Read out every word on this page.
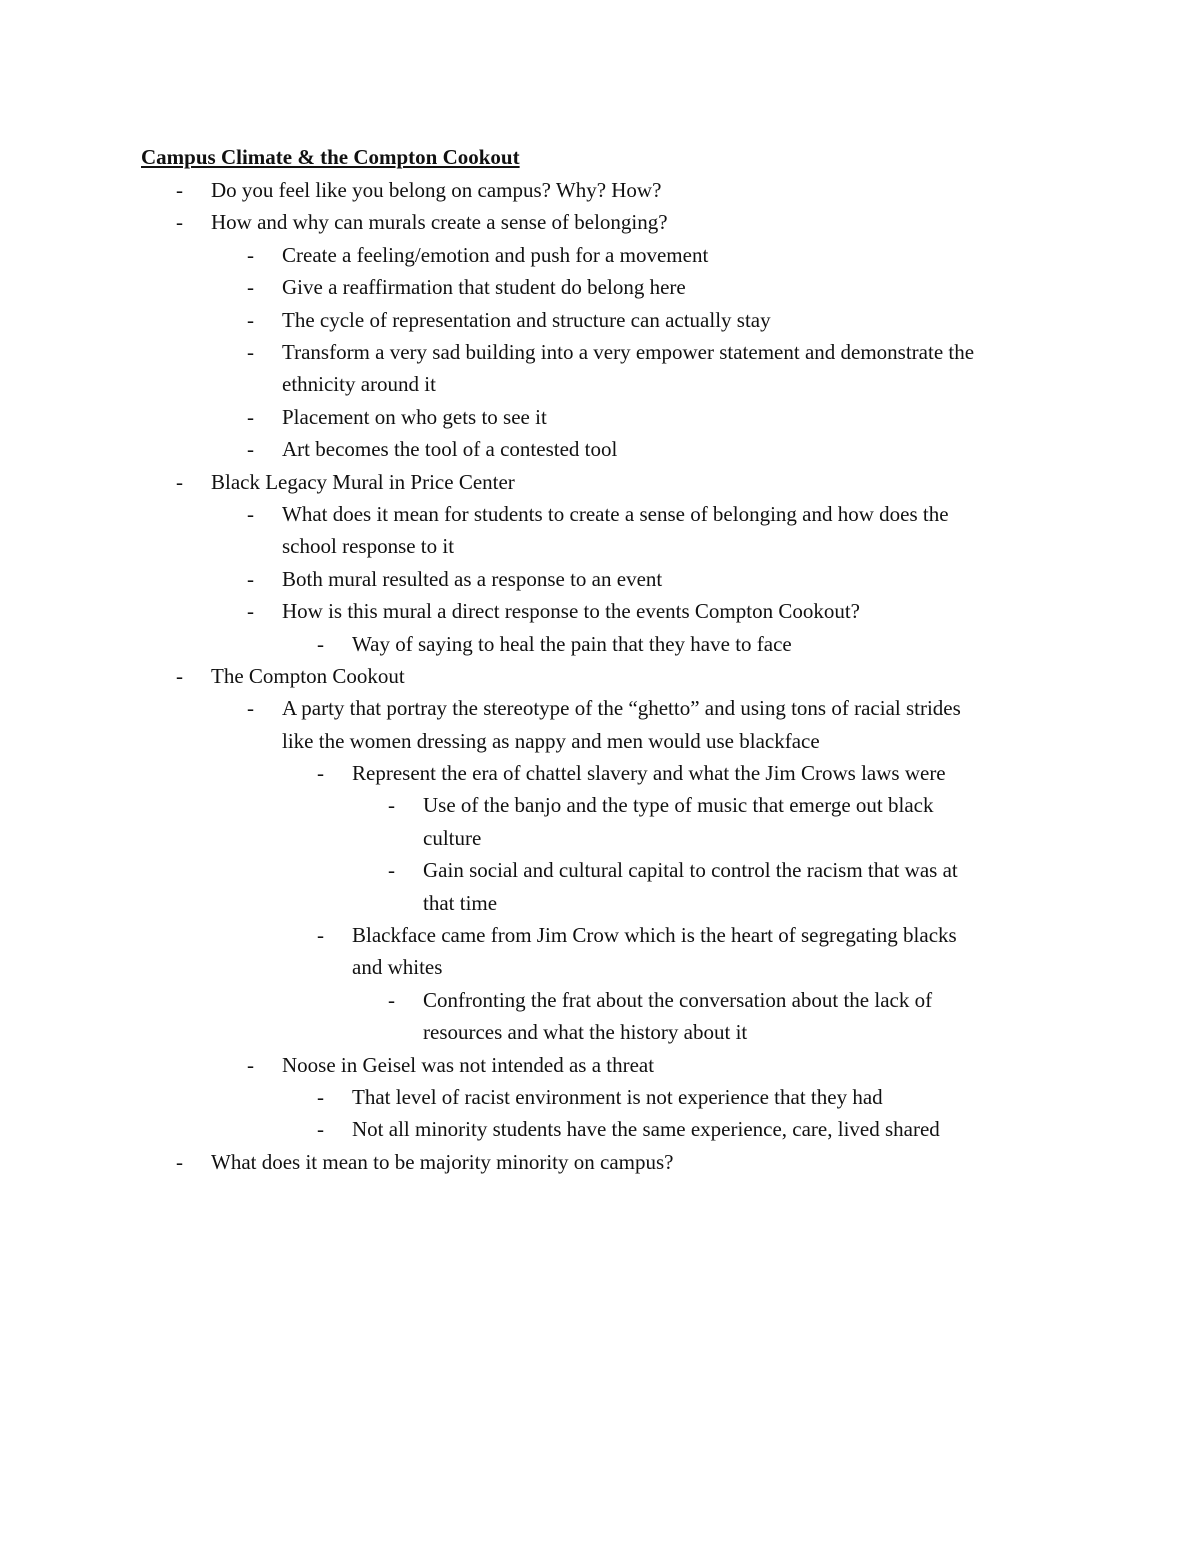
Campus Climate & the Compton Cookout
- Do you feel like you belong on campus? Why? How?
- How and why can murals create a sense of belonging?
- Create a feeling/emotion and push for a movement
- Give a reaffirmation that student do belong here
- The cycle of representation and structure can actually stay
- Transform a very sad building into a very empower statement and demonstrate the
ethnicity around it
- Placement on who gets to see it
- Art becomes the tool of a contested tool
- Black Legacy Mural in Price Center
- What does it mean for students to create a sense of belonging and how does the
school response to it
- Both mural resulted as a response to an event
- How is this mural a direct response to the events Compton Cookout?
- Way of saying to heal the pain that they have to face
- The Compton Cookout
- A party that portray the stereotype of the “ghetto” and using tons of racial strides
like the women dressing as nappy and men would use blackface
- Represent the era of chattel slavery and what the Jim Crows laws were
- Use of the banjo and the type of music that emerge out black
culture
- Gain social and cultural capital to control the racism that was at
that time
- Blackface came from Jim Crow which is the heart of segregating blacks
and whites
- Confronting the frat about the conversation about the lack of
resources and what the history about it
- Noose in Geisel was not intended as a threat
- That level of racist environment is not experience that they had
- Not all minority students have the same experience, care, lived shared
- What does it mean to be majority minority on campus?
